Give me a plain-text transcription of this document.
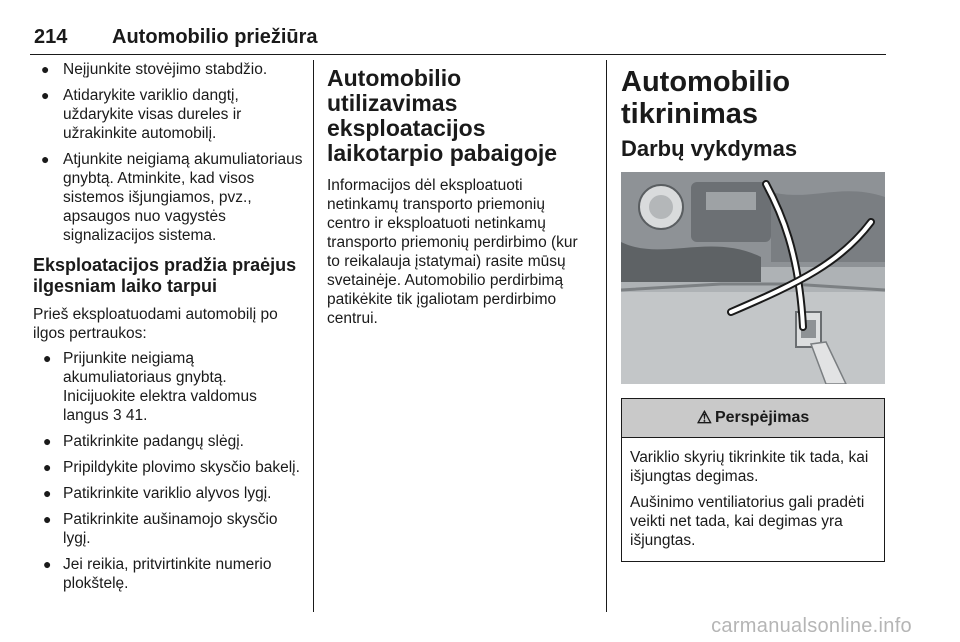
214 Automobilio priežiūra
● Neįjunkite stovėjimo stabdžio.
● Atidarykite variklio dangtį, uždarykite visas dureles ir užrakinkite automobilį.
● Atjunkite neigiamą akumuliatoriaus gnybtą. Atminkite, kad visos sistemos išjungiamos, pvz., apsaugos nuo vagystės signalizacijos sistema.
Eksploatacijos pradžia praėjus ilgesniam laiko tarpui

Prieš eksploatuodami automobilį po ilgos pertraukos:

● Prijunkite neigiamą akumuliatoriaus gnybtą. Inicijuokite elektra valdomus langus 3 41.
● Patikrinkite padangų slėgį.
● Pripildykite plovimo skysčio bakelį.
● Patikrinkite variklio alyvos lygį.
● Patikrinkite aušinamojo skysčio lygį.
● Jei reikia, pritvirtinkite numerio plokštelę.
Automobilio utilizavimas eksploatacijos laikotarpio pabaigoje

Informacijos dėl eksploatuoti netinkamų transporto priemonių centro ir eksploatuoti netinkamų transporto priemonių perdirbimo (kur to reikalauja įstatymai) rasite mūsų svetainėje. Automobilio perdirbimą patikėkite tik įgaliotam perdirbimo centrui.

Automobilio tikrinimas
Darbų vykdymas
⚠ Perspėjimas

Variklio skyrių tikrinkite tik tada, kai išjungtas degimas.

Aušinimo ventiliatorius gali pradėti veikti net tada, kai degimas yra išjungtas.

carmanualsonline.info
